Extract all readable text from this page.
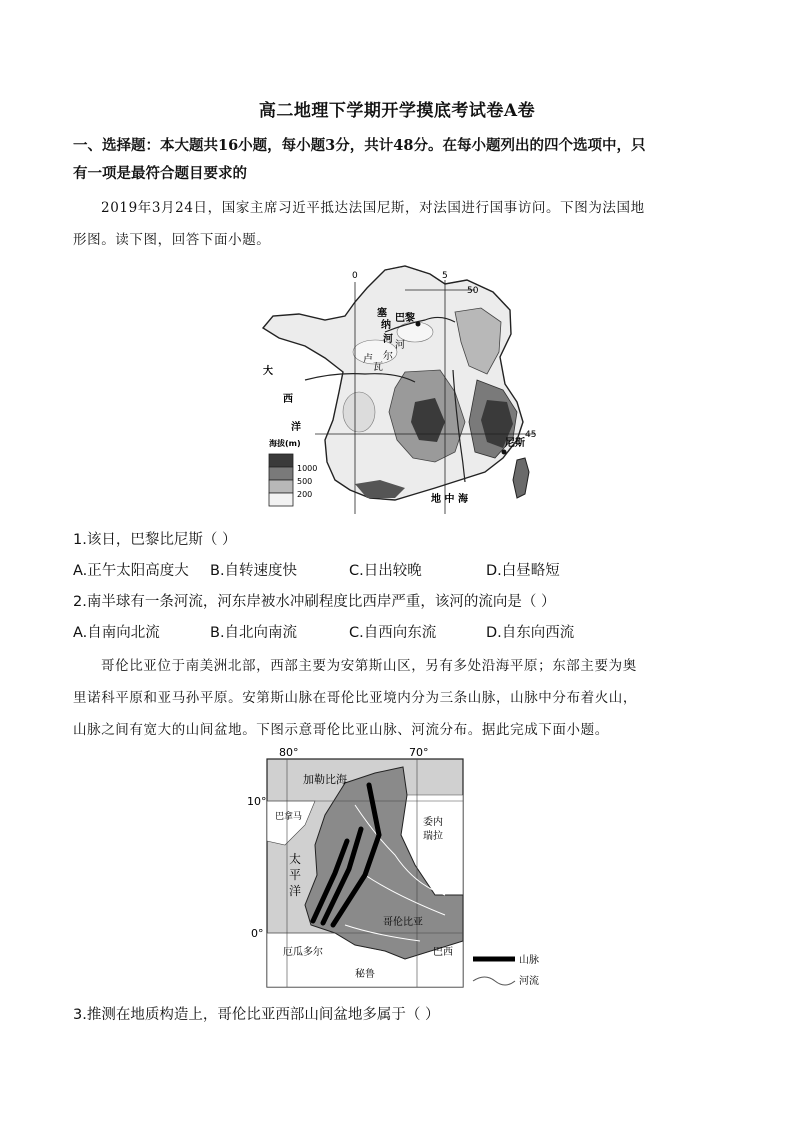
高二地理下学期开学摸底考试卷A卷
一、选择题：本大题共16小题，每小题3分，共计48分。在每小题列出的四个选项中，只
有一项是最符合题目要求的
2019年3月24日，国家主席习近平抵达法国尼斯，对法国进行国事访问。下图为法国地
形图。读下图，回答下面小题。
0	5
50
45
巴黎
塞
纳
河
卢
瓦
尔
河
大
西
洋
尼斯
地 中 海
海拔(m)
1000
500
200
1.该日，巴黎比尼斯（ ）
A.正午太阳高度大 B.自转速度快	C.日出较晚	D.白昼略短
2.南半球有一条河流，河东岸被水冲刷程度比西岸严重，该河的流向是（ ）
A.自南向北流	B.自北向南流	C.自西向东流	D.自东向西流
哥伦比亚位于南美洲北部，西部主要为安第斯山区，另有多处沿海平原；东部主要为奥
里诺科平原和亚马孙平原。安第斯山脉在哥伦比亚境内分为三条山脉，山脉中分布着火山，
山脉之间有宽大的山间盆地。下图示意哥伦比亚山脉、河流分布。据此完成下面小题。
80°	70°
10°
0°
加勒比海
巴拿马
太
平
洋
委内
瑞拉
哥伦比亚
厄瓜多尔	巴西
秘鲁
山脉
河流
3.推测在地质构造上，哥伦比亚西部山间盆地多属于（ ）
